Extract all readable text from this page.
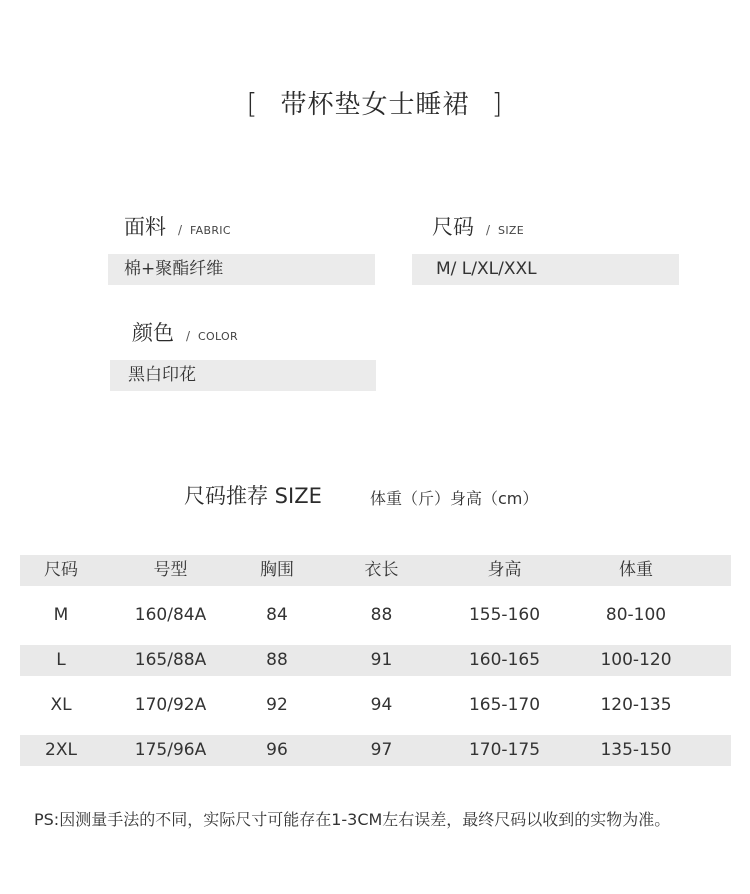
[ 带杯垫女士睡裙 ]
面料 / FABRIC
棉+聚酯纤维
尺码 / SIZE
M/ L/XL/XXL
颜色 / COLOR
黑白印花
尺码推荐 SIZE	体重（斤）身高（cm）
尺码	号型	胸围	衣长	身高	体重
M	160/84A	84	88	155-160	80-100
L	165/88A	88	91	160-165	100-120
XL	170/92A	92	94	165-170	120-135
2XL	175/96A	96	97	170-175	135-150
PS:因测量手法的不同，实际尺寸可能存在1-3CM左右误差，最终尺码以收到的实物为准。
